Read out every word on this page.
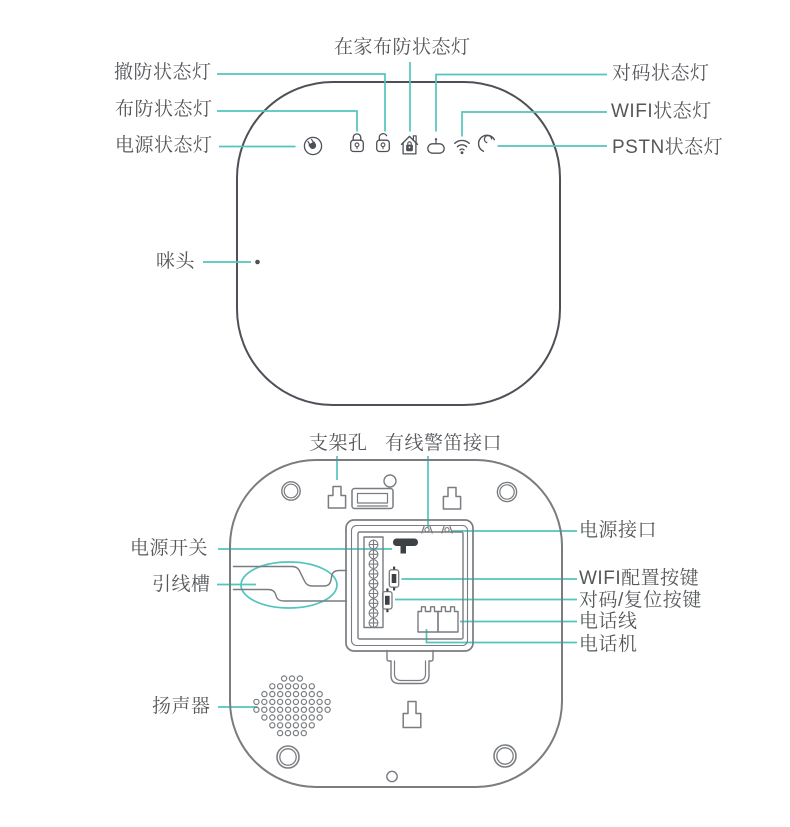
在家布防状态灯
撤防状态灯
布防状态灯
电源状态灯
对码状态灯
WIFI状态灯
PSTN状态灯
咪头
支架孔 有线警笛接口
电源开关
引线槽
扬声器
电源接口
WIFI配置按键
对码/复位按键
电话线
电话机
